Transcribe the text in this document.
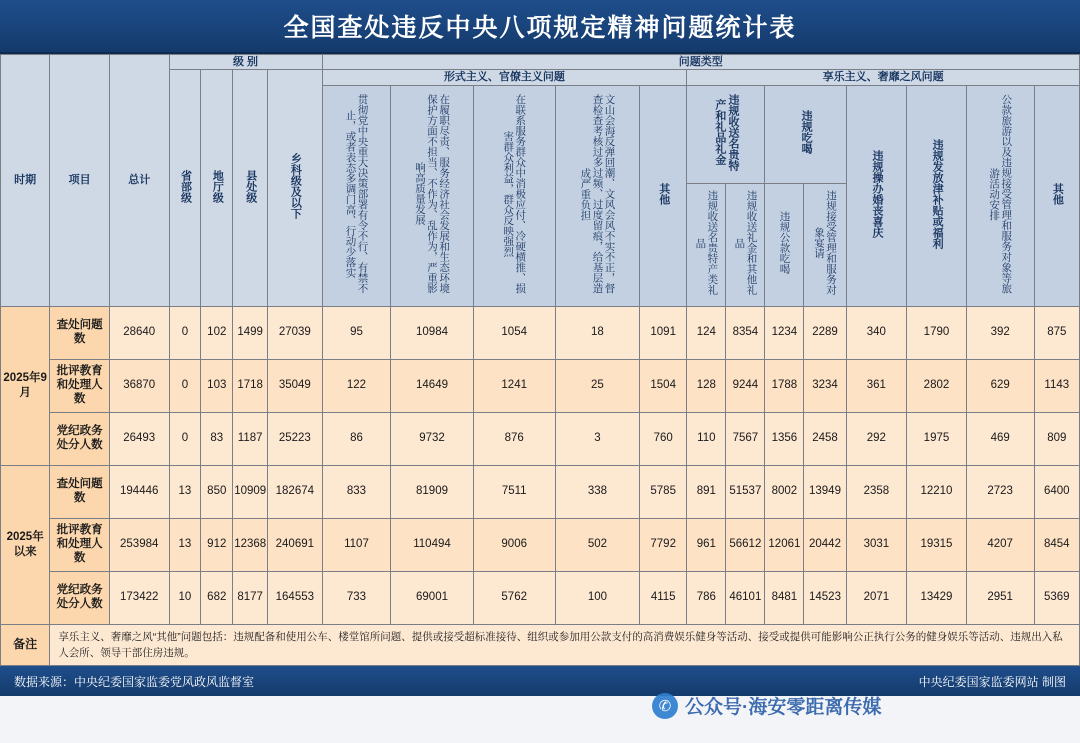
全国查处违反中央八项规定精神问题统计表
时期	项目	总计	级 别				问题类型												
			省部级	地厅级	县处级	乡科级及以下	形式主义、官僚主义问题					享乐主义、奢靡之风问题							
							贯彻党中央重大决策部署有令不行、有禁不止，或者表态多调门高、行动少落实	在履职尽责、服务经济社会发展和生态环境保护方面不担当、不作为、乱作为，严重影响高质量发展	在联系服务群众中消极应付、冷硬横推、损害群众利益，群众反映强烈	文山会海反弹回潮、文风会风不实不正，督查检查考核过多过频、过度留痕，给基层造成严重负担	其他	违规收送名贵特产和礼品礼金		违规吃喝		违规操办婚丧喜庆	违规发放津补贴或福利	公款旅游以及违规接受管理和服务对象等旅游活动安排	其他
												违规收送名贵特产类礼品	违规收送礼金和其他礼品	违规公款吃喝	违规接受管理和服务对象宴请				
2025年9月	查处问题数	28640	0	102	1499	27039	95	10984	1054	18	1091	124	8354	1234	2289	340	1790	392	875
	批评教育和处理人数	36870	0	103	1718	35049	122	14649	1241	25	1504	128	9244	1788	3234	361	2802	629	1143
	党纪政务处分人数	26493	0	83	1187	25223	86	9732	876	3	760	110	7567	1356	2458	292	1975	469	809
2025年以来	查处问题数	194446	13	850	10909	182674	833	81909	7511	338	5785	891	51537	8002	13949	2358	12210	2723	6400
	批评教育和处理人数	253984	13	912	12368	240691	1107	110494	9006	502	7792	961	56612	12061	20442	3031	19315	4207	8454
	党纪政务处分人数	173422	10	682	8177	164553	733	69001	5762	100	4115	786	46101	8481	14523	2071	13429	2951	5369
备注	享乐主义、奢靡之风“其他”问题包括：违规配备和使用公车、楼堂馆所问题、提供或接受超标准接待、组织或参加用公款支付的高消费娱乐健身等活动、接受或提供可能影响公正执行公务的健身娱乐等活动、违规出入私人会所、领导干部住房违规。																		
数据来源：中央纪委国家监委党风政风监督室	中央纪委国家监委网站 制图
✆ 公众号·海安零距离传媒
